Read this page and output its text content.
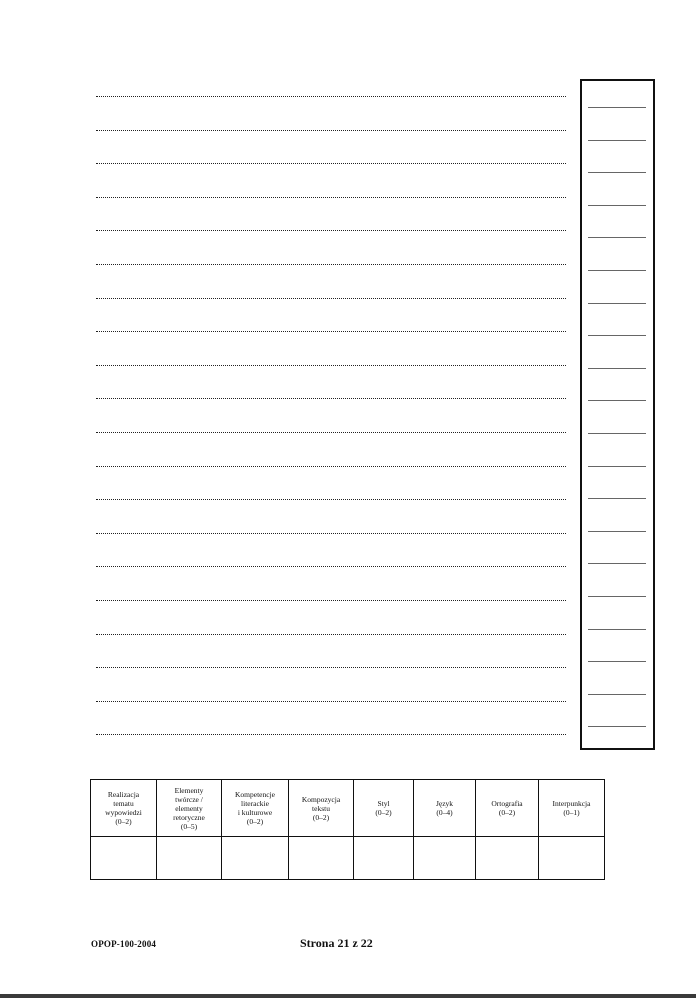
Realizacja
tematu
wypowiedzi
(0–2)	Elementy
twórcze /
elementy
retoryczne
(0–5)	Kompetencje
literackie
i kulturowe
(0–2)	Kompozycja
tekstu
(0–2)	Styl
(0–2)	Język
(0–4)	Ortografia
(0–2)	Interpunkcja
(0–1)

OPOP-100-2004	Strona 21 z 22
